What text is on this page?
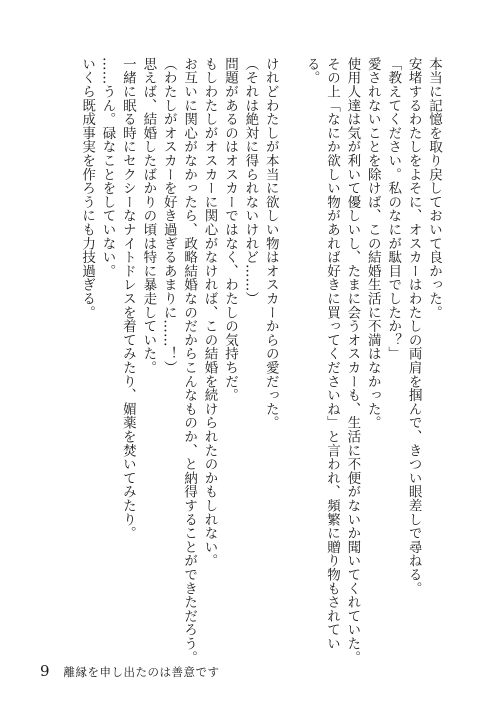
本当に記憶を取り戻しておいて良かった。
安堵するわたしをよそに、オスカーはわたしの両肩を掴んで、きつい眼差しで尋ねる。
「教えてください。私のなにが駄目でしたか？」
愛されないことを除けば、この結婚生活に不満はなかった。
使用人達は気が利いて優しいし、たまに会うオスカーも、生活に不便がないか聞いてくれていた。
その上「なにか欲しい物があれば好きに買ってくださいね」と言われ、頻繁に贈り物もされてい
る。
けれどわたしが本当に欲しい物はオスカーからの愛だった。
（それは絶対に得られないけれど……）
問題があるのはオスカーではなく、わたしの気持ちだ。
もしわたしがオスカーに関心がなければ、この結婚を続けられたのかもしれない。
お互いに関心がなかったら、政略結婚なのだからこんなものか、と納得することができただろう。
（わたしがオスカーを好き過ぎるあまりに……！）
思えば、結婚したばかりの頃は特に暴走していた。
一緒に眠る時にセクシーなナイトドレスを着てみたり、媚薬を焚いてみたり。
……うん。碌なことをしていない。
いくら既成事実を作ろうにも力技過ぎる。
9 離縁を申し出たのは善意です
